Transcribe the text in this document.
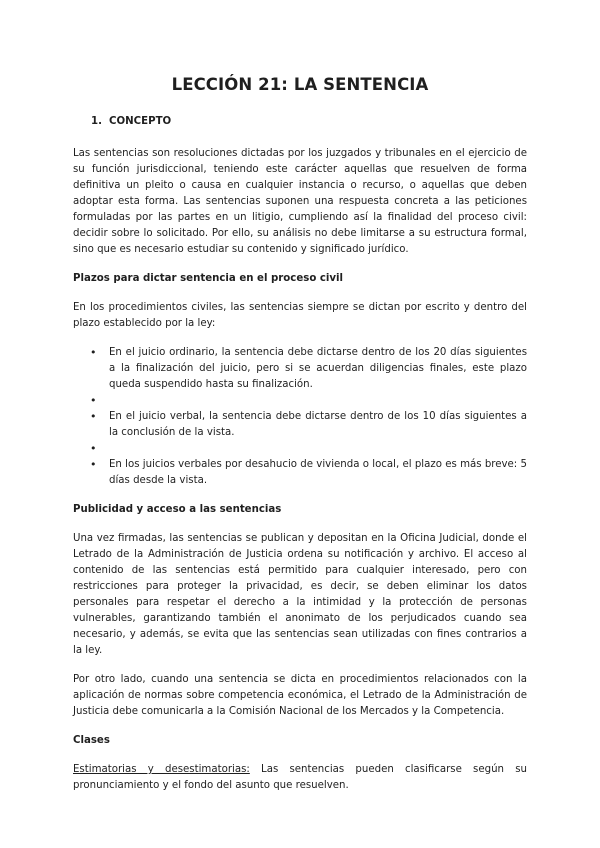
LECCIÓN 21: LA SENTENCIA
1. CONCEPTO

Las sentencias son resoluciones dictadas por los juzgados y tribunales en el ejercicio de su función jurisdiccional, teniendo este carácter aquellas que resuelven de forma definitiva un pleito o causa en cualquier instancia o recurso, o aquellas que deben adoptar esta forma. Las sentencias suponen una respuesta concreta a las peticiones formuladas por las partes en un litigio, cumpliendo así la finalidad del proceso civil: decidir sobre lo solicitado. Por ello, su análisis no debe limitarse a su estructura formal, sino que es necesario estudiar su contenido y significado jurídico.

Plazos para dictar sentencia en el proceso civil

En los procedimientos civiles, las sentencias siempre se dictan por escrito y dentro del plazo establecido por la ley:

• En el juicio ordinario, la sentencia debe dictarse dentro de los 20 días siguientes a la finalización del juicio, pero si se acuerdan diligencias finales, este plazo queda suspendido hasta su finalización.
•
• En el juicio verbal, la sentencia debe dictarse dentro de los 10 días siguientes a la conclusión de la vista.
•
• En los juicios verbales por desahucio de vivienda o local, el plazo es más breve: 5 días desde la vista.
Publicidad y acceso a las sentencias

Una vez firmadas, las sentencias se publican y depositan en la Oficina Judicial, donde el Letrado de la Administración de Justicia ordena su notificación y archivo. El acceso al contenido de las sentencias está permitido para cualquier interesado, pero con restricciones para proteger la privacidad, es decir, se deben eliminar los datos personales para respetar el derecho a la intimidad y la protección de personas vulnerables, garantizando también el anonimato de los perjudicados cuando sea necesario, y además, se evita que las sentencias sean utilizadas con fines contrarios a la ley.

Por otro lado, cuando una sentencia se dicta en procedimientos relacionados con la aplicación de normas sobre competencia económica, el Letrado de la Administración de Justicia debe comunicarla a la Comisión Nacional de los Mercados y la Competencia.

Clases

Estimatorias y desestimatorias: Las sentencias pueden clasificarse según su pronunciamiento y el fondo del asunto que resuelven.
